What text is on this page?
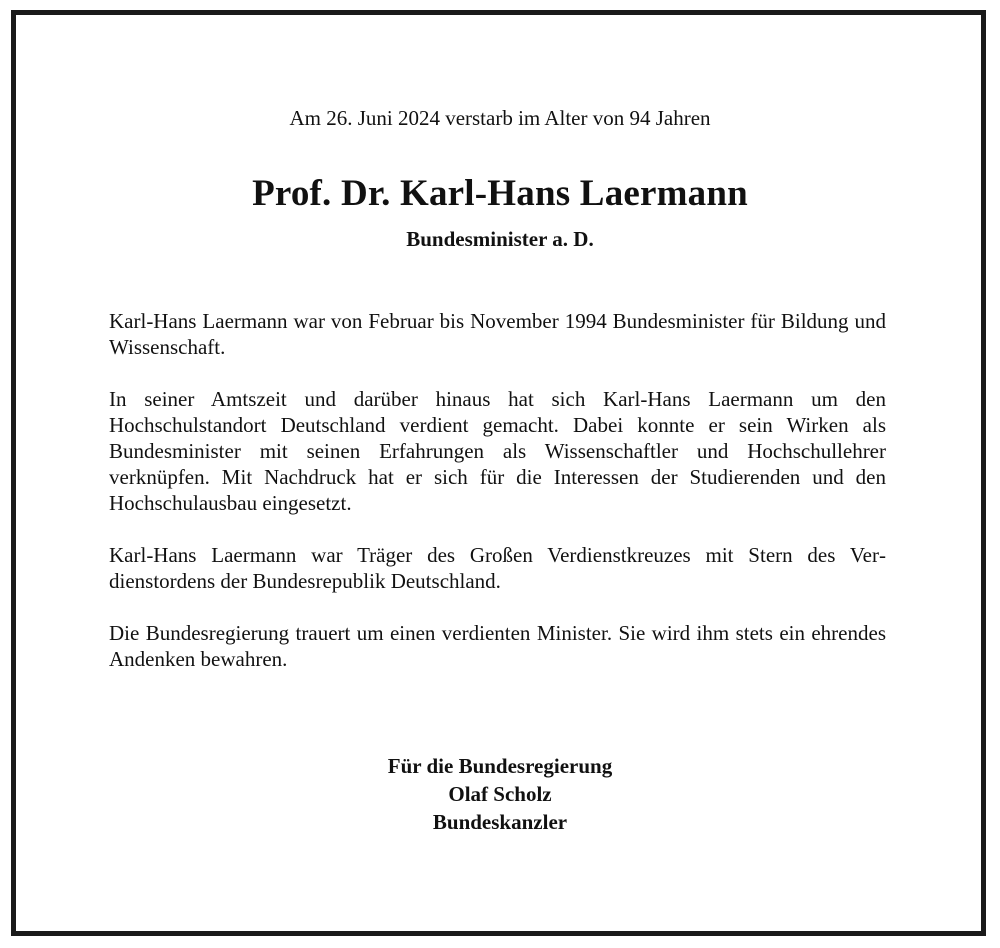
Am 26. Juni 2024 verstarb im Alter von 94 Jahren
Prof. Dr. Karl-Hans Laermann
Bundesminister a. D.

Karl-Hans Laermann war von Februar bis November 1994 Bundesminister für Bildung und Wissenschaft.

In seiner Amtszeit und darüber hinaus hat sich Karl-Hans Laermann um den Hochschulstandort Deutschland verdient gemacht. Dabei konnte er sein Wirken als Bundesminister mit seinen Erfahrungen als Wissenschaftler und Hochschullehrer verknüpfen. Mit Nachdruck hat er sich für die Interessen der Studierenden und den Hochschulausbau eingesetzt.

Karl-Hans Laermann war Träger des Großen Verdienstkreuzes mit Stern des Verdienstordens der Bundesrepublik Deutschland.

Die Bundesregierung trauert um einen verdienten Minister. Sie wird ihm stets ein ehrendes Andenken bewahren.

Für die Bundesregierung
Olaf Scholz
Bundeskanzler
